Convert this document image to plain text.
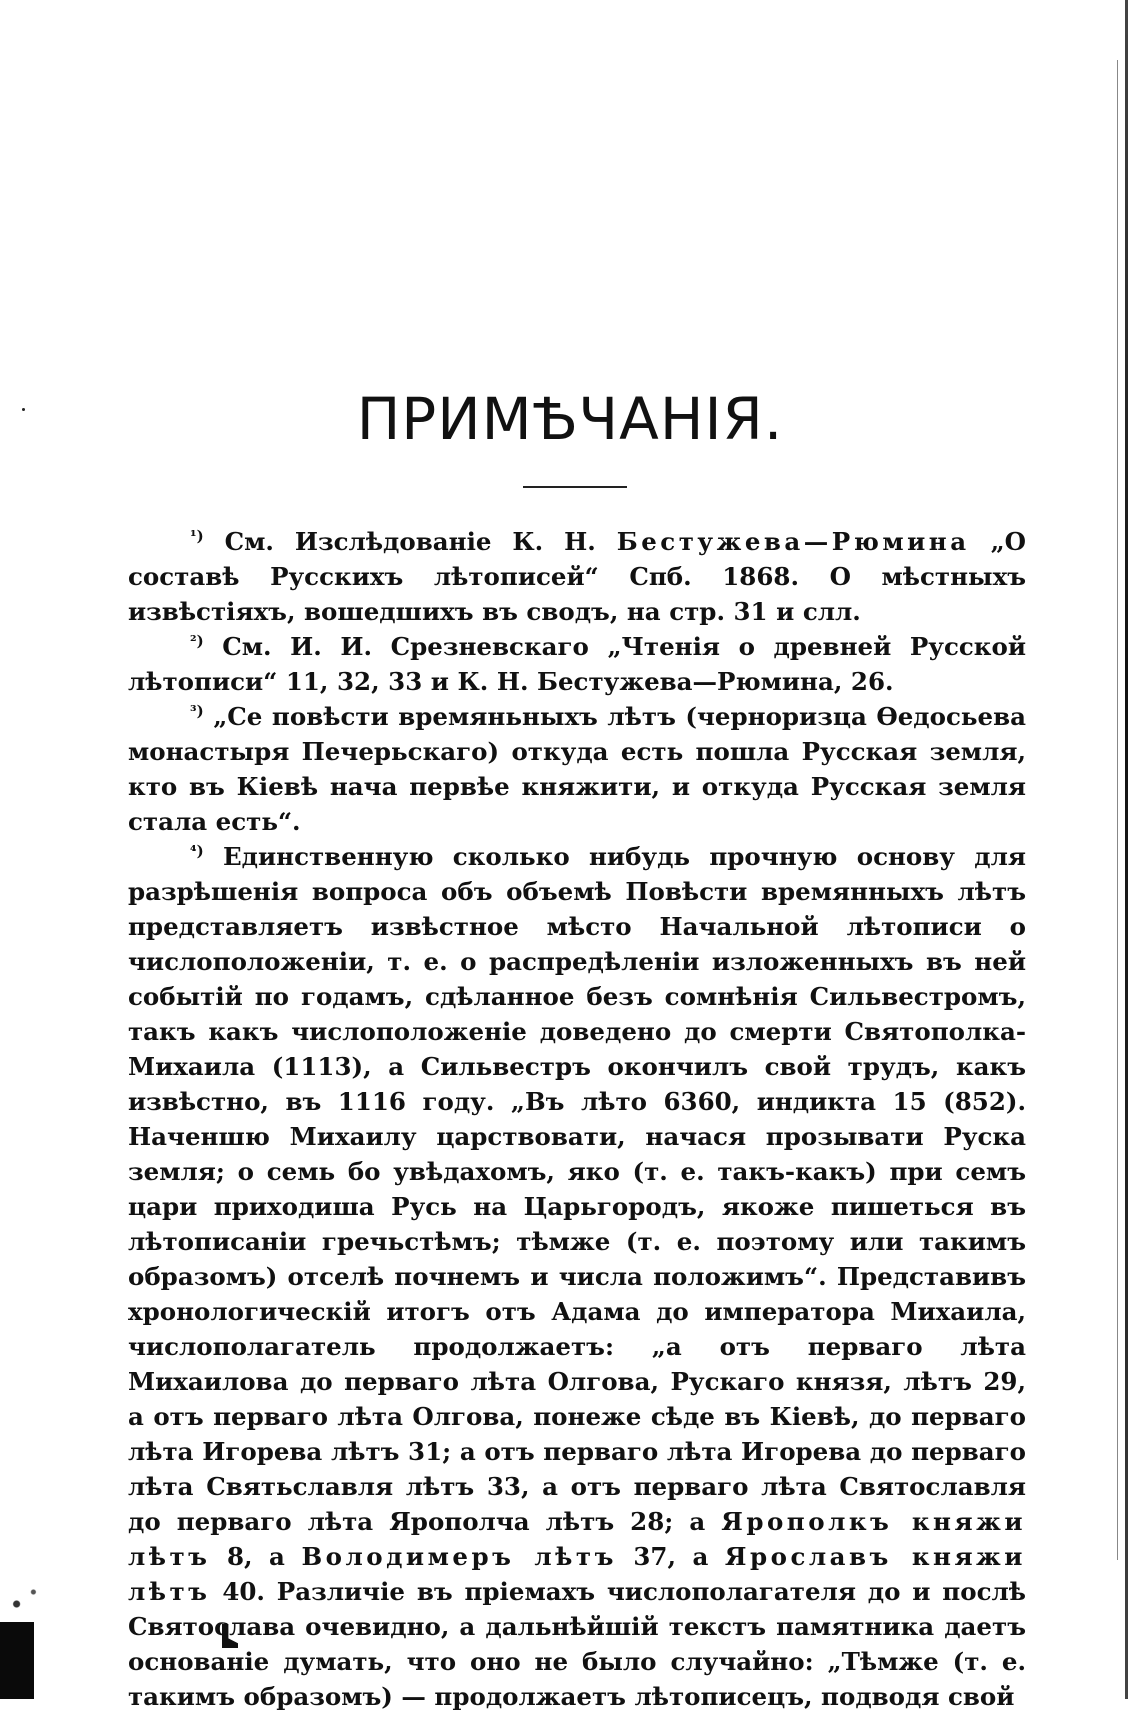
ПРИМѢЧАНІЯ.

$^{^1)}$ См. Изслѣдованіе К. Н. Бестужева—Рюмина „О составѣ Русскихъ лѣтописей“ Спб. 1868. О мѣстныхъ извѣстіяхъ, вошедшихъ въ сводъ, на стр. 31 и слл.

$^{^2)}$ См. И. И. Срезневскаго „Чтенія о древней Русской лѣтописи“ 11, 32, 33 и К. Н. Бестужева—Рюмина, 26.

$^{^3)}$ „Се повѣсти времяньныхъ лѣтъ (черноризца Ѳедосьева монастыря Печерьскаго) откуда есть пошла Русская земля, кто въ Кіевѣ нача первѣе княжити, и откуда Русская земля стала есть“.

$^{^4)}$ Единственную сколько нибудь прочную основу для разрѣшенія вопроса объ объемѣ Повѣсти времянныхъ лѣтъ представляетъ извѣстное мѣсто Начальной лѣтописи о числоположеніи, т. е. о распредѣленіи изложенныхъ въ ней событій по годамъ, сдѣланное безъ сомнѣнія Сильвестромъ, такъ какъ числоположеніе доведено до смерти Святополка-Михаила (1113), а Сильвестръ окончилъ свой трудъ, какъ извѣстно, въ 1116 году. „Въ лѣто 6360, индикта 15 (852). Наченшю Михаилу царствовати, начася прозывати Руска земля; о семь бо увѣдахомъ, яко (т. е. такъ-какъ) при семъ цари приходиша Русь на Царьгородъ, якоже пишеться въ лѣтописаніи гречьстѣмъ; тѣмже (т. е. поэтому или такимъ образомъ) отселѣ почнемъ и числа положимъ“. Представивъ хронологическій итогъ отъ Адама до императора Михаила, числополагатель продолжаетъ: „а отъ перваго лѣта Михаилова до перваго лѣта Олгова, Рускаго князя, лѣтъ 29, а отъ перваго лѣта Олгова, понеже сѣде въ Кіевѣ, до перваго лѣта Игорева лѣтъ 31; а отъ перваго лѣта Игорева до перваго лѣта Святьславля лѣтъ 33, а отъ перваго лѣта Святославля до перваго лѣта Ярополча лѣтъ 28; а Ярополкъ княжи лѣтъ 8, а Володимеръ лѣтъ 37, а Ярославъ княжи лѣтъ 40. Различіе въ пріемахъ числополагателя до и послѣ Святослава очевидно, а дальнѣйшій текстъ памятника даетъ основаніе думать, что оно не было случайно: „Тѣмже (т. е. такимъ образомъ) — продолжаетъ лѣтописецъ, подводя свой
